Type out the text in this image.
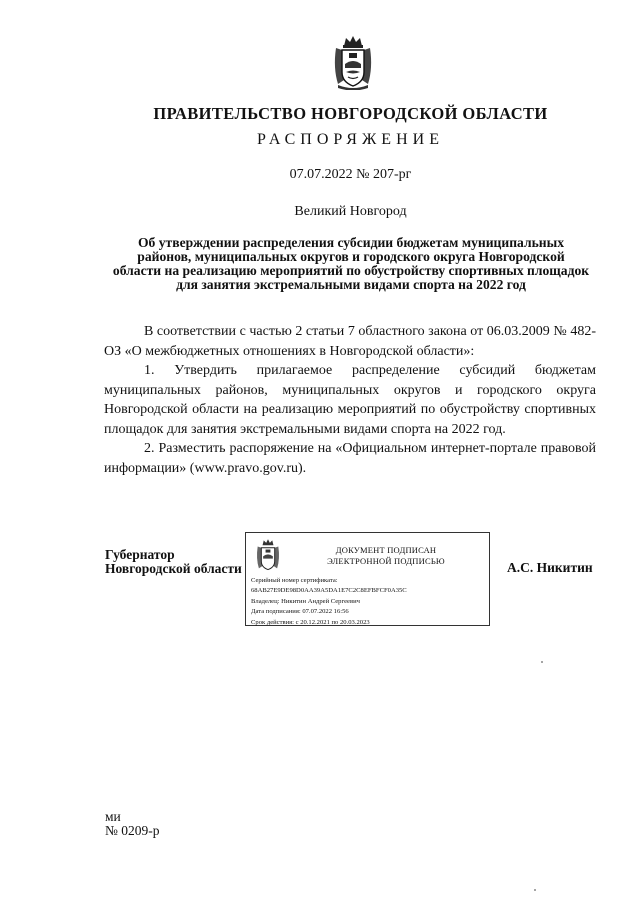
ПРАВИТЕЛЬСТВО НОВГОРОДСКОЙ ОБЛАСТИ
РАСПОРЯЖЕНИЕ
07.07.2022 № 207-рг
Великий Новгород
Об утверждении распределения субсидии бюджетам муниципальных районов, муниципальных округов и городского округа Новгородской области на реализацию мероприятий по обустройству спортивных площадок для занятия экстремальными видами спорта на 2022 год

В соответствии с частью 2 статьи 7 областного закона от 06.03.2009 № 482-ОЗ «О межбюджетных отношениях в Новгородской области»:

1. Утвердить прилагаемое распределение субсидий бюджетам муниципальных районов, муниципальных округов и городского округа Новгородской области на реализацию мероприятий по обустройству спортивных площадок для занятия экстремальными видами спорта на 2022 год.

2. Разместить распоряжение на «Официальном интернет-портале правовой информации» (www.pravo.gov.ru).

Губернатор
Новгородской области
ДОКУМЕНТ ПОДПИСАН
ЭЛЕКТРОННОЙ ПОДПИСЬЮ
Серийный номер сертификата:
68AB27E9DE98D0AA39A5DA1E7C2C8EFBFCF0A35C
Владелец: Никитин Андрей Сергеевич
Дата подписания: 07.07.2022 16:56
Срок действия: с 20.12.2021 по 20.03.2023
А.С. Никитин
ми
№ 0209-р
